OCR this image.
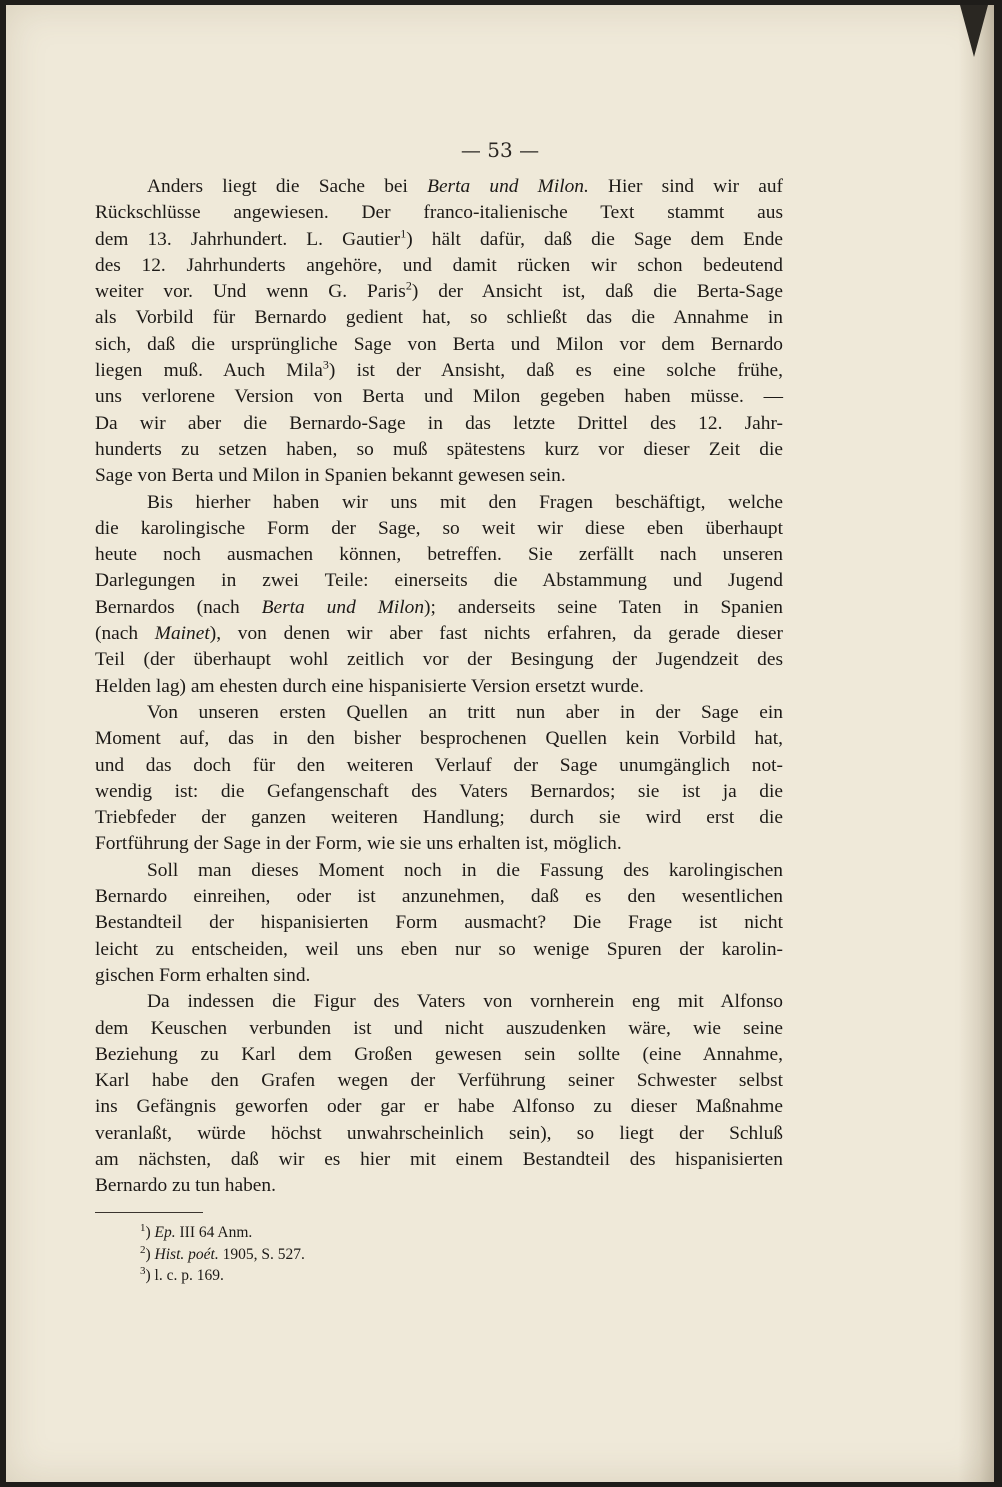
— 53 —
Anders liegt die Sache bei Berta und Milon. Hier sind wir auf
Rückschlüsse angewiesen. Der franco-italienische Text stammt aus
dem 13. Jahrhundert. L. Gautier$^1$) hält dafür, daß die Sage dem Ende
des 12. Jahrhunderts angehöre, und damit rücken wir schon bedeutend
weiter vor. Und wenn G. Paris$^2$) der Ansicht ist, daß die Berta-Sage
als Vorbild für Bernardo gedient hat, so schließt das die Annahme in
sich, daß die ursprüngliche Sage von Berta und Milon vor dem Bernardo
liegen muß. Auch Mila$^3$) ist der Ansisht, daß es eine solche frühe,
uns verlorene Version von Berta und Milon gegeben haben müsse. —
Da wir aber die Bernardo-Sage in das letzte Drittel des 12. Jahr-
hunderts zu setzen haben, so muß spätestens kurz vor dieser Zeit die
Sage von Berta und Milon in Spanien bekannt gewesen sein.
Bis hierher haben wir uns mit den Fragen beschäftigt, welche
die karolingische Form der Sage, so weit wir diese eben überhaupt
heute noch ausmachen können, betreffen. Sie zerfällt nach unseren
Darlegungen in zwei Teile: einerseits die Abstammung und Jugend
Bernardos (nach Berta und Milon); anderseits seine Taten in Spanien
(nach Mainet), von denen wir aber fast nichts erfahren, da gerade dieser
Teil (der überhaupt wohl zeitlich vor der Besingung der Jugendzeit des
Helden lag) am ehesten durch eine hispanisierte Version ersetzt wurde.
Von unseren ersten Quellen an tritt nun aber in der Sage ein
Moment auf, das in den bisher besprochenen Quellen kein Vorbild hat,
und das doch für den weiteren Verlauf der Sage unumgänglich not-
wendig ist: die Gefangenschaft des Vaters Bernardos; sie ist ja die
Triebfeder der ganzen weiteren Handlung; durch sie wird erst die
Fortführung der Sage in der Form, wie sie uns erhalten ist, möglich.
Soll man dieses Moment noch in die Fassung des karolingischen
Bernardo einreihen, oder ist anzunehmen, daß es den wesentlichen
Bestandteil der hispanisierten Form ausmacht? Die Frage ist nicht
leicht zu entscheiden, weil uns eben nur so wenige Spuren der karolin-
gischen Form erhalten sind.
Da indessen die Figur des Vaters von vornherein eng mit Alfonso
dem Keuschen verbunden ist und nicht auszudenken wäre, wie seine
Beziehung zu Karl dem Großen gewesen sein sollte (eine Annahme,
Karl habe den Grafen wegen der Verführung seiner Schwester selbst
ins Gefängnis geworfen oder gar er habe Alfonso zu dieser Maßnahme
veranlaßt, würde höchst unwahrscheinlich sein), so liegt der Schluß
am nächsten, daß wir es hier mit einem Bestandteil des hispanisierten
Bernardo zu tun haben.
$^1$) Ep. III 64 Anm.
$^2$) Hist. poét. 1905, S. 527.
$^3$) l. c. p. 169.
